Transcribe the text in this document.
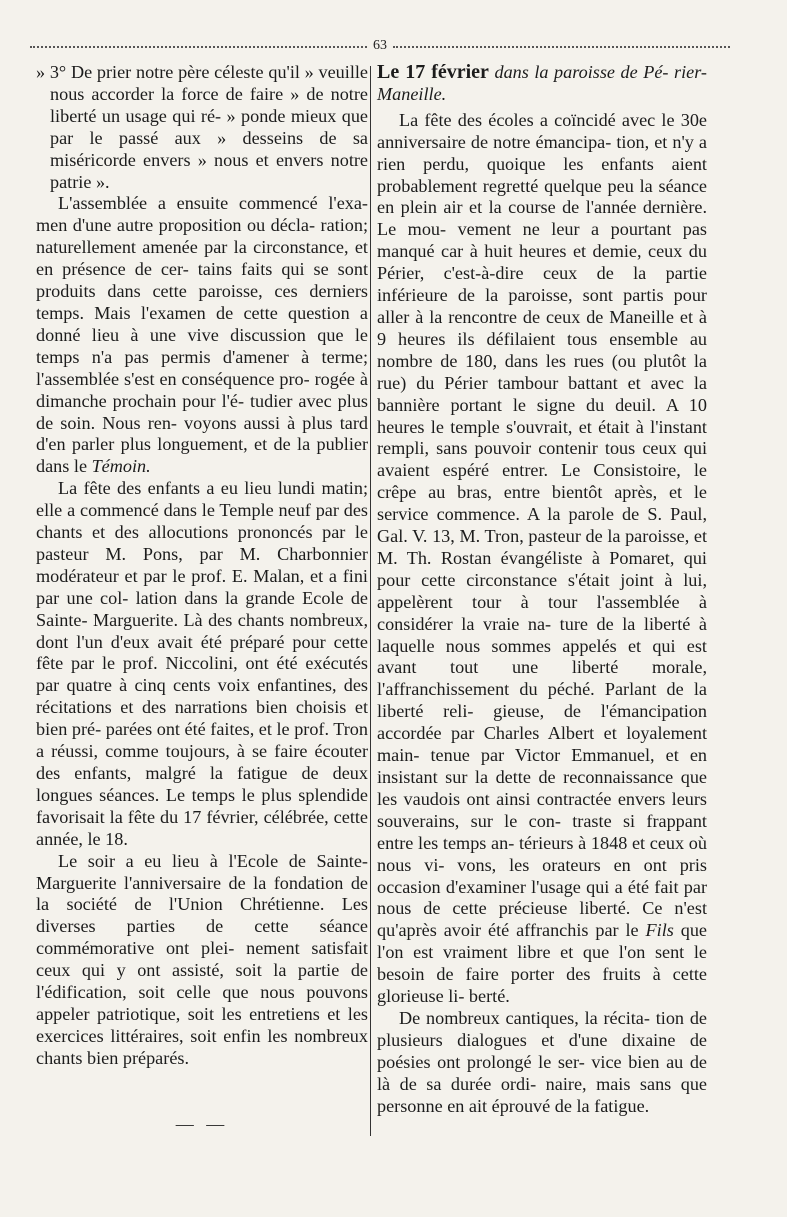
63

» 3° De prier notre père céleste qu'il » veuille nous accorder la force de faire » de notre liberté un usage qui ré- » ponde mieux que par le passé aux » desseins de sa miséricorde envers » nous et envers notre patrie ».

L'assemblée a ensuite commencé l'exa- men d'une autre proposition ou décla- ration; naturellement amenée par la circonstance, et en présence de cer- tains faits qui se sont produits dans cette paroisse, ces derniers temps. Mais l'examen de cette question a donné lieu à une vive discussion que le temps n'a pas permis d'amener à terme; l'assemblée s'est en conséquence pro- rogée à dimanche prochain pour l'é- tudier avec plus de soin. Nous ren- voyons aussi à plus tard d'en parler plus longuement, et de la publier dans le Témoin.

La fête des enfants a eu lieu lundi matin; elle a commencé dans le Temple neuf par des chants et des allocutions prononcés par le pasteur M. Pons, par M. Charbonnier modérateur et par le prof. E. Malan, et a fini par une col- lation dans la grande Ecole de Sainte- Marguerite. Là des chants nombreux, dont l'un d'eux avait été préparé pour cette fête par le prof. Niccolini, ont été exécutés par quatre à cinq cents voix enfantines, des récitations et des narrations bien choisis et bien pré- parées ont été faites, et le prof. Tron a réussi, comme toujours, à se faire écouter des enfants, malgré la fatigue de deux longues séances. Le temps le plus splendide favorisait la fête du 17 février, célébrée, cette année, le 18.

Le soir a eu lieu à l'Ecole de Sainte-Marguerite l'anniversaire de la fondation de la société de l'Union Chrétienne. Les diverses parties de cette séance commémorative ont plei- nement satisfait ceux qui y ont assisté, soit la partie de l'édification, soit celle que nous pouvons appeler patriotique, soit les entretiens et les exercices littéraires, soit enfin les nombreux chants bien préparés.

— —

Le 17 février dans la paroisse de Pé- rier-Maneille.

La fête des écoles a coïncidé avec le 30e anniversaire de notre émancipa- tion, et n'y a rien perdu, quoique les enfants aient probablement regretté quelque peu la séance en plein air et la course de l'année dernière. Le mou- vement ne leur a pourtant pas manqué car à huit heures et demie, ceux du Périer, c'est-à-dire ceux de la partie inférieure de la paroisse, sont partis pour aller à la rencontre de ceux de Maneille et à 9 heures ils défilaient tous ensemble au nombre de 180, dans les rues (ou plutôt la rue) du Périer tambour battant et avec la bannière portant le signe du deuil. A 10 heures le temple s'ouvrait, et était à l'instant rempli, sans pouvoir contenir tous ceux qui avaient espéré entrer. Le Consistoire, le crêpe au bras, entre bientôt après, et le service commence. A la parole de S. Paul, Gal. V. 13, M. Tron, pasteur de la paroisse, et M. Th. Rostan évangéliste à Pomaret, qui pour cette circonstance s'était joint à lui, appelèrent tour à tour l'assemblée à considérer la vraie na- ture de la liberté à laquelle nous sommes appelés et qui est avant tout une liberté morale, l'affranchissement du péché. Parlant de la liberté reli- gieuse, de l'émancipation accordée par Charles Albert et loyalement main- tenue par Victor Emmanuel, et en insistant sur la dette de reconnaissance que les vaudois ont ainsi contractée envers leurs souverains, sur le con- traste si frappant entre les temps an- térieurs à 1848 et ceux où nous vi- vons, les orateurs en ont pris occasion d'examiner l'usage qui a été fait par nous de cette précieuse liberté. Ce n'est qu'après avoir été affranchis par le Fils que l'on est vraiment libre et que l'on sent le besoin de faire porter des fruits à cette glorieuse li- berté.

De nombreux cantiques, la récita- tion de plusieurs dialogues et d'une dixaine de poésies ont prolongé le ser- vice bien au de là de sa durée ordi- naire, mais sans que personne en ait éprouvé de la fatigue.
